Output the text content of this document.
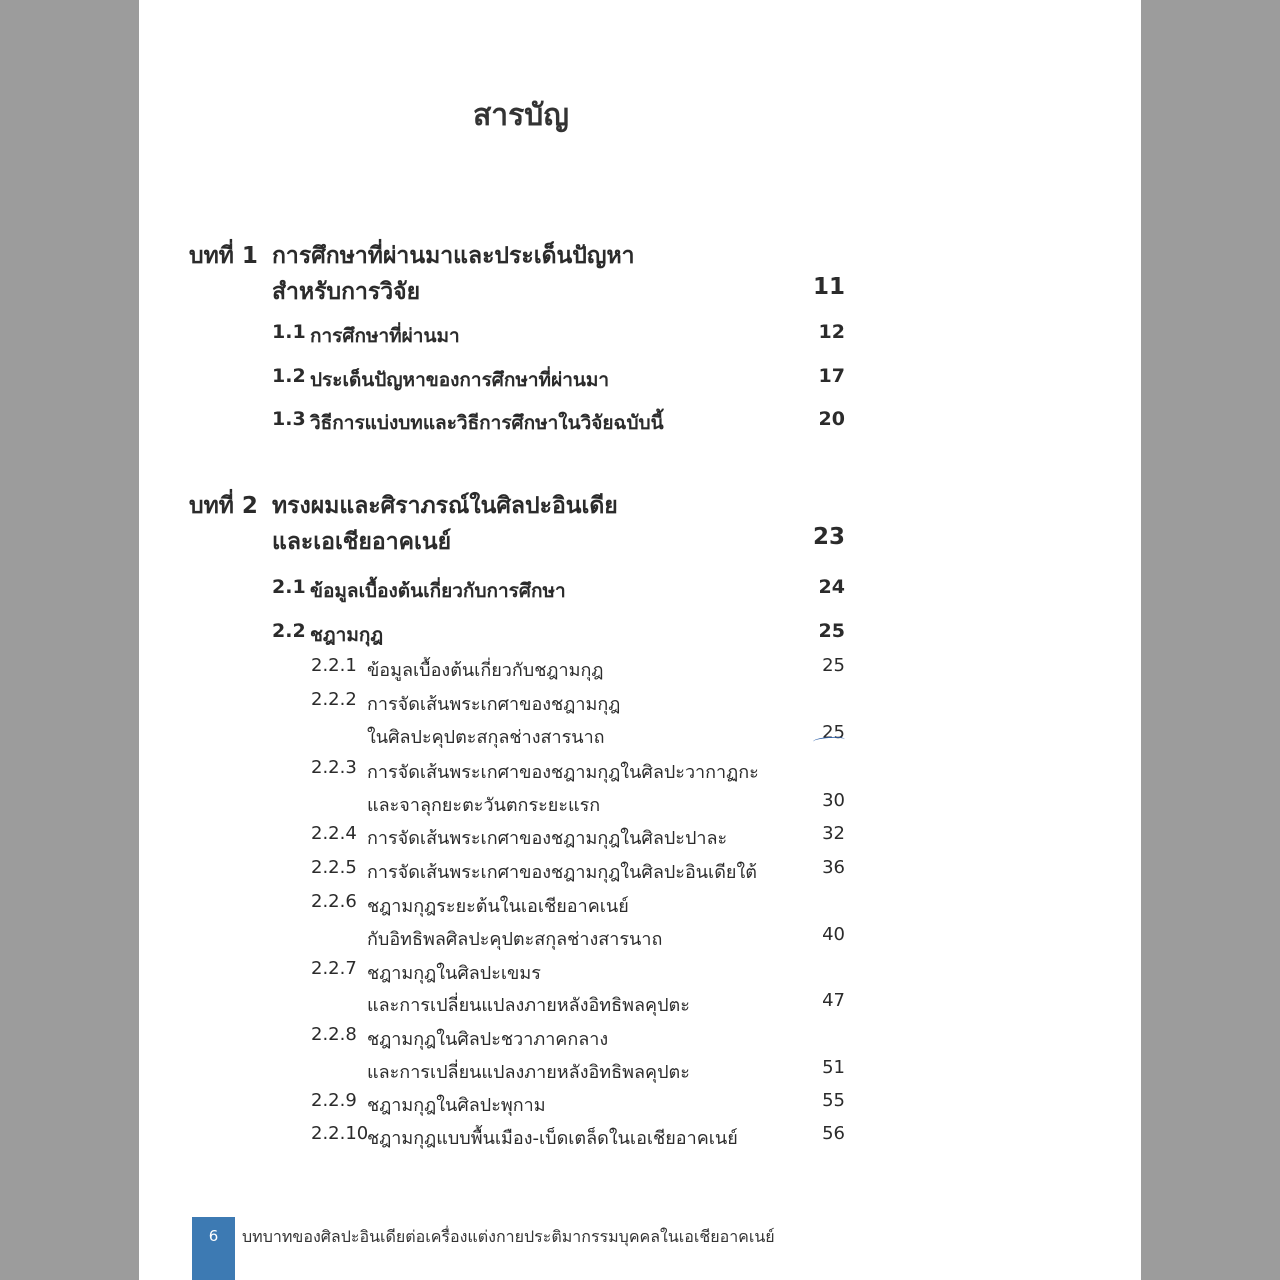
สารบัญ
บทที่ 1 การศึกษาที่ผ่านมาและประเด็นปัญหา
สำหรับการวิจัย	11
1.1 การศึกษาที่ผ่านมา	12
1.2 ประเด็นปัญหาของการศึกษาที่ผ่านมา	17
1.3 วิธีการแบ่งบทและวิธีการศึกษาในวิจัยฉบับนี้	20
บทที่ 2 ทรงผมและศิราภรณ์ในศิลปะอินเดีย
และเอเชียอาคเนย์	23
2.1 ข้อมูลเบื้องต้นเกี่ยวกับการศึกษา	24
2.2 ชฎามกุฎ	25
2.2.1 ข้อมูลเบื้องต้นเกี่ยวกับชฎามกุฎ	25
2.2.2 การจัดเส้นพระเกศาของชฎามกุฎ
ในศิลปะคุปตะสกุลช่างสารนาถ	25
2.2.3 การจัดเส้นพระเกศาของชฎามกุฎในศิลปะวากาฏกะ
และจาลุกยะตะวันตกระยะแรก	30
2.2.4 การจัดเส้นพระเกศาของชฎามกุฎในศิลปะปาละ	32
2.2.5 การจัดเส้นพระเกศาของชฎามกุฎในศิลปะอินเดียใต้	36
2.2.6 ชฎามกุฎระยะต้นในเอเชียอาคเนย์
กับอิทธิพลศิลปะคุปตะสกุลช่างสารนาถ	40
2.2.7 ชฎามกุฎในศิลปะเขมร
และการเปลี่ยนแปลงภายหลังอิทธิพลคุปตะ	47
2.2.8 ชฎามกุฎในศิลปะชวาภาคกลาง
และการเปลี่ยนแปลงภายหลังอิทธิพลคุปตะ	51
2.2.9 ชฎามกุฎในศิลปะพุกาม	55
2.2.10
ชฎามกุฎแบบพื้นเมือง-เบ็ดเตล็ดในเอเชียอาคเนย์	56
6	บทบาทของศิลปะอินเดียต่อเครื่องแต่งกายประติมากรรมบุคคลในเอเชียอาคเนย์
